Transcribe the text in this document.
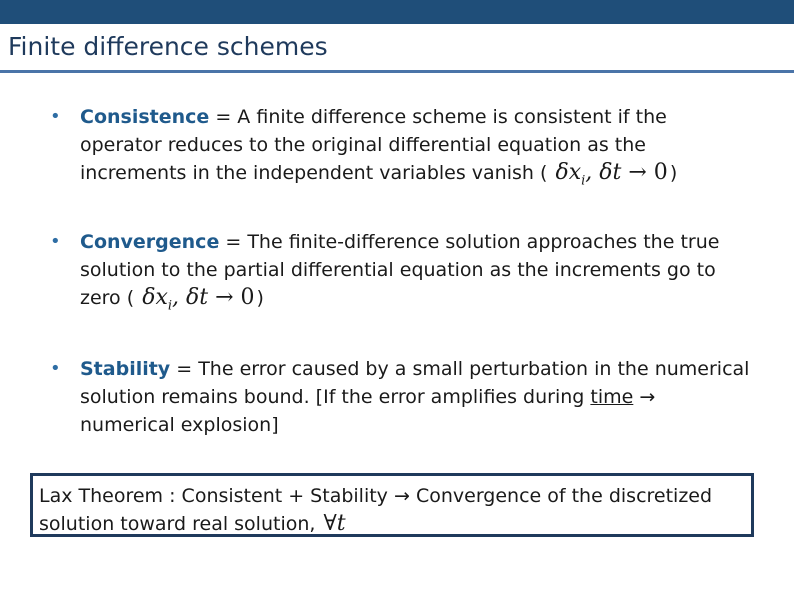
Finite difference schemes
• Consistence = A finite difference scheme is consistent if the operator reduces to the original differential equation as the increments in the independent variables vanish ( $\delta x_i$, δt → 0 )
• Convergence = The finite-difference solution approaches the true solution to the partial differential equation as the increments go to zero ( $\delta x_i$, δt → 0 )
• Stability = The error caused by a small perturbation in the numerical solution remains bound. [If the error amplifies during time → numerical explosion]
Lax Theorem : Consistent + Stability → Convergence of the discretized solution toward real solution, ∀t
